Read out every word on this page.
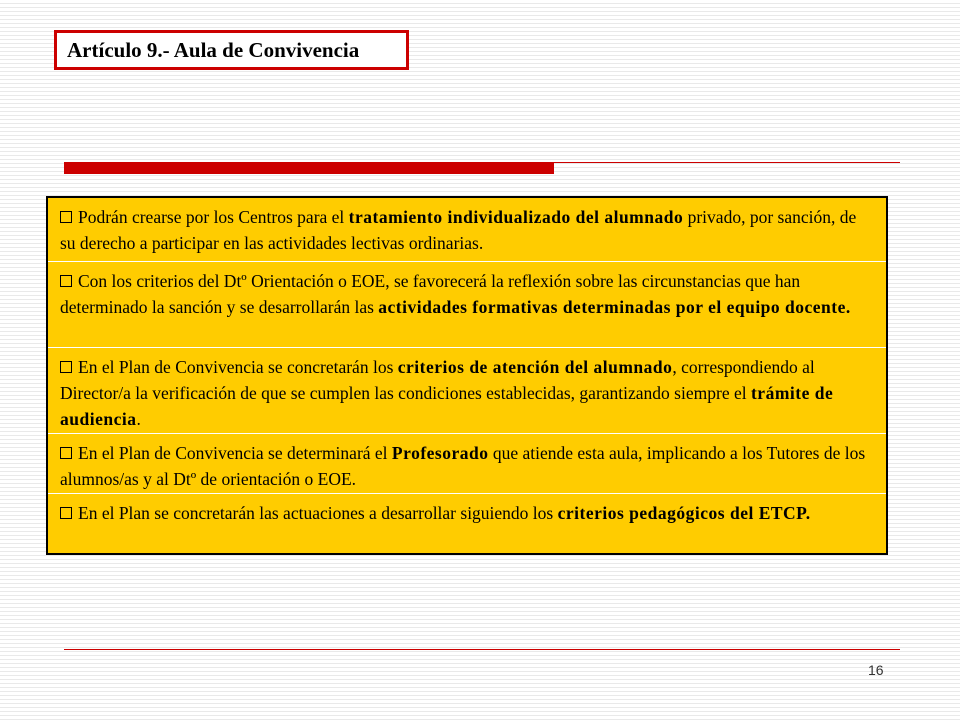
Artículo 9.- Aula de Convivencia
Podrán crearse por los Centros para el tratamiento individualizado del alumnado privado, por sanción, de su derecho a participar en las actividades lectivas ordinarias.
Con los criterios del Dtº Orientación o EOE, se favorecerá la reflexión sobre las circunstancias que han determinado la sanción y se desarrollarán las actividades formativas determinadas por el equipo docente.
En el Plan de Convivencia se concretarán los criterios de atención del alumnado, correspondiendo al Director/a la verificación de que se cumplen las condiciones establecidas, garantizando siempre el trámite de audiencia.
En el Plan de Convivencia se determinará el Profesorado que atiende esta aula, implicando a los Tutores de los alumnos/as y al Dtº de orientación o EOE.
En el Plan se concretarán las actuaciones a desarrollar siguiendo los criterios pedagógicos del ETCP.
16
